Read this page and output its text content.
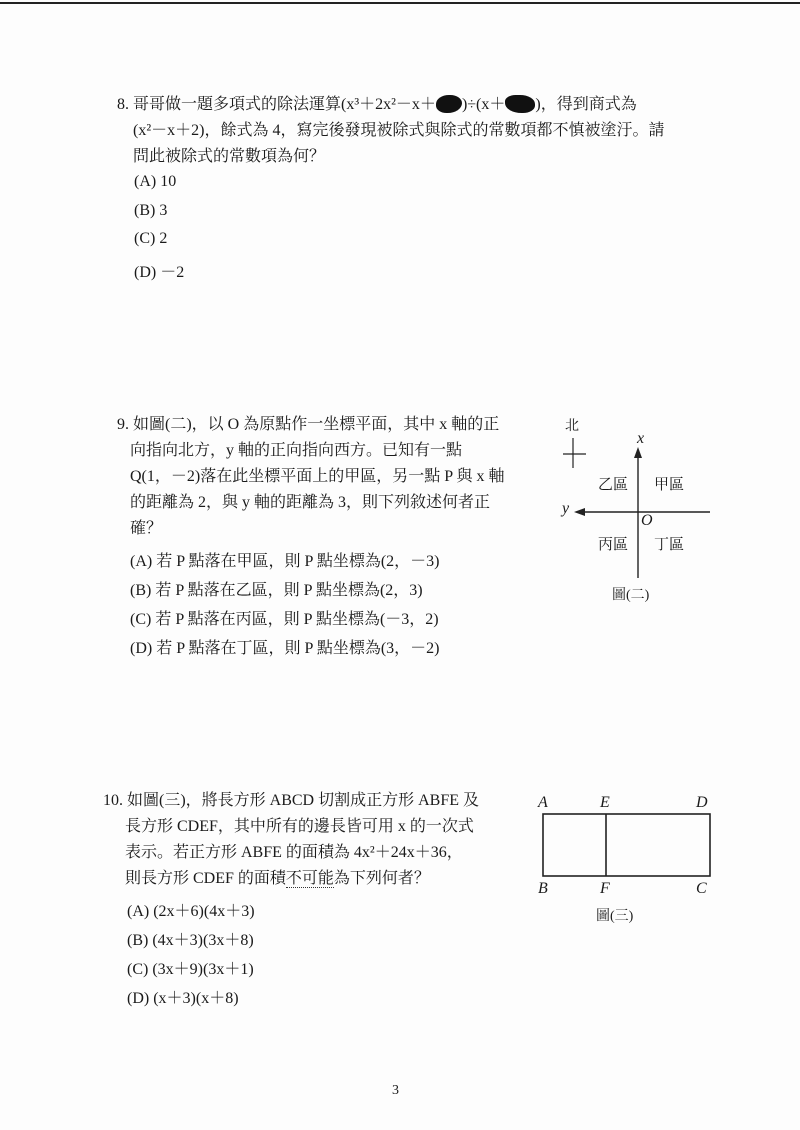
8. 哥哥做一題多項式的除法運算(x³＋2x²－x＋ )÷(x＋ )，得到商式為
(x²－x＋2)，餘式為 4，寫完後發現被除式與除式的常數項都不慎被塗汙。請
問此被除式的常數項為何？
(A) 10
(B) 3
(C) 2
(D) －2
9. 如圖(二)，以 O 為原點作一坐標平面，其中 x 軸的正
向指向北方，y 軸的正向指向西方。已知有一點
Q(1，－2)落在此坐標平面上的甲區，另一點 P 與 x 軸
的距離為 2，與 y 軸的距離為 3，則下列敘述何者正
確？
(A) 若 P 點落在甲區，則 P 點坐標為(2，－3)
(B) 若 P 點落在乙區，則 P 點坐標為(2，3)
(C) 若 P 點落在丙區，則 P 點坐標為(－3，2)
(D) 若 P 點落在丁區，則 P 點坐標為(3，－2)
北
x
y
O
甲區
乙區
丙區 丁區
圖(二)
10. 如圖(三)，將長方形 ABCD 切割成正方形 ABFE 及
長方形 CDEF，其中所有的邊長皆可用 x 的一次式
表示。若正方形 ABFE 的面積為 4x²＋24x＋36，
則長方形 CDEF 的面積不可能為下列何者？
(A) (2x＋6)(4x＋3)
(B) (4x＋3)(3x＋8)
(C) (3x＋9)(3x＋1)
(D) (x＋3)(x＋8)
A	E	D
B	F	C
圖(三)
3
